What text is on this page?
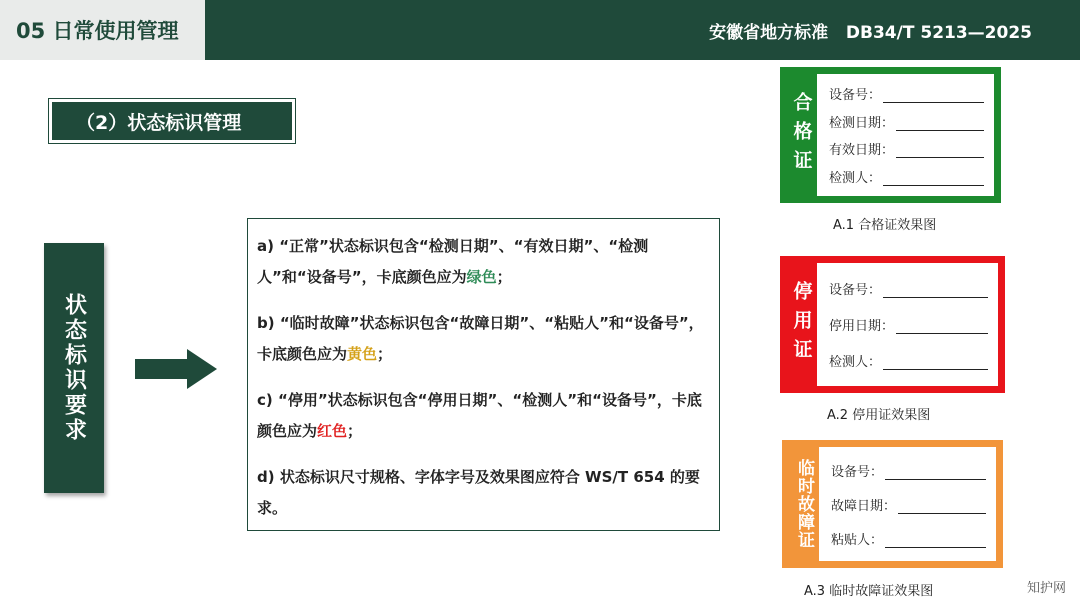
05 日常使用管理	安徽省地方标准   DB34/T 5213—2025
（2）状态标识管理
状态标识要求

a) “正常”状态标识包含“检测日期”、“有效日期”、“检测人”和“设备号”，卡底颜色应为绿色；

b) “临时故障”状态标识包含“故障日期”、“粘贴人”和“设备号”，卡底颜色应为黄色；

c) “停用”状态标识包含“停用日期”、“检测人”和“设备号”，卡底颜色应为红色；

d) 状态标识尺寸规格、字体字号及效果图应符合 WS/T 654 的要求。

合格证 设备号：
检测日期：
有效日期：
检测人：
A.1 合格证效果图
停用证 设备号：
停用日期：
检测人：
A.2 停用证效果图
临时故障证 设备号：
故障日期：
粘贴人：
A.3 临时故障证效果图	知护网
